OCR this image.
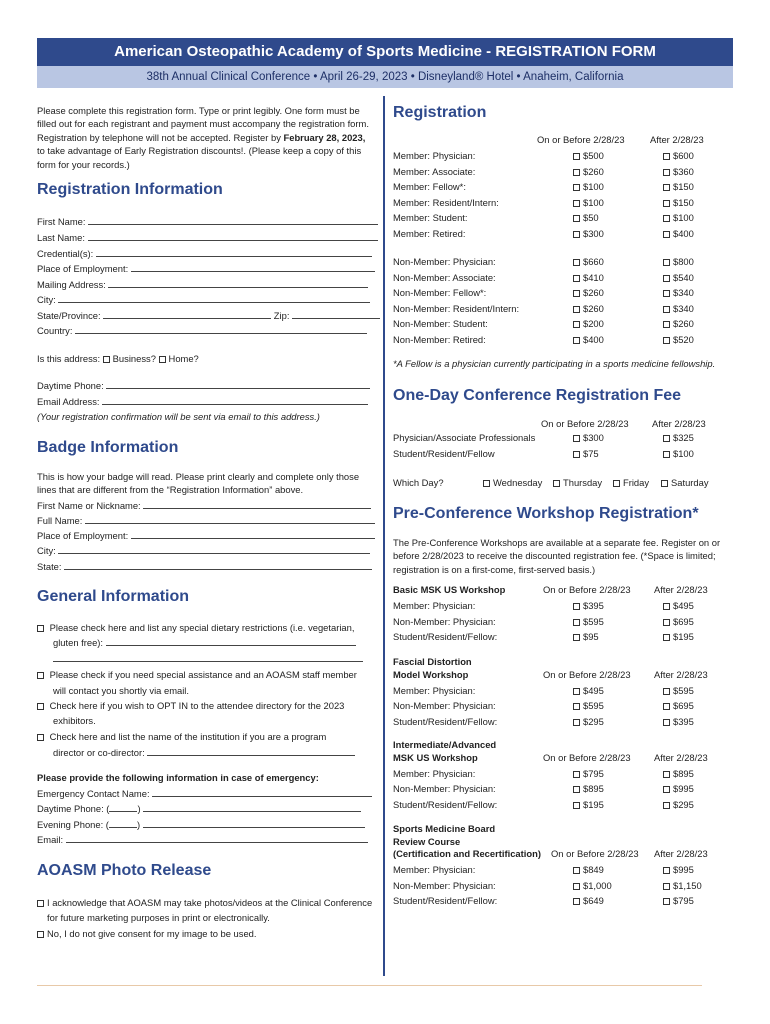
American Osteopathic Academy of Sports Medicine - REGISTRATION FORM
38th Annual Clinical Conference • April 26-29, 2023 • Disneyland® Hotel • Anaheim, California
Please complete this registration form. Type or print legibly. One form must be
filled out for each registrant and payment must accompany the registration form.
Registration by telephone will not be accepted. Register by February 28, 2023,
to take advantage of Early Registration discounts!. (Please keep a copy of this
form for your records.)
Registration Information
First Name:
Last Name:
Credential(s):
Place of Employment:
Mailing Address:
City:
State/Province:	Zip:
Country:
Is this address: Business? Home?
Daytime Phone:
Email Address:
(Your registration confirmation will be sent via email to this address.)
Badge Information
This is how your badge will read. Please print clearly and complete only those
lines that are different from the “Registration Information” above.
First Name or Nickname:
Full Name:
Place of Employment:
City:
State:
General Information
Please check here and list any special dietary restrictions (i.e. vegetarian,
gluten free):
Please check if you need special assistance and an AOASM staff member
will contact you shortly via email.
Check here if you wish to OPT IN to the attendee directory for the 2023
exhibitors.
Check here and list the name of the institution if you are a program
director or co-director:
Please provide the following information in case of emergency:
Emergency Contact Name:
Daytime Phone: (	)
Evening Phone: (	)
Email:
AOASM Photo Release
I acknowledge that AOASM may take photos/videos at the Clinical Conference
for future marketing purposes in print or electronically.
No, I do not give consent for my image to be used.
Registration
On or Before 2/28/23	After 2/28/23
Member: Physician:	$500	$600
Member: Associate:	$260	$360
Member: Fellow*:	$100	$150
Member: Resident/Intern:	$100	$150
Member: Student:	$50	$100
Member: Retired:	$300	$400
Non-Member: Physician:	$660	$800
Non-Member: Associate:	$410	$540
Non-Member: Fellow*:	$260	$340
Non-Member: Resident/Intern:	$260	$340
Non-Member: Student:	$200	$260
Non-Member: Retired:	$400	$520
*A Fellow is a physician currently participating in a sports medicine fellowship.
One-Day Conference Registration Fee
On or Before 2/28/23 After 2/28/23
Physician/Associate Professionals	$300	$325
Student/Resident/Fellow	$75	$100
Which Day?	Wednesday	Thursday	Friday	Saturday
Pre-Conference Workshop Registration*
The Pre-Conference Workshops are available at a separate fee. Register on or
before 2/28/2023 to receive the discounted registration fee. (*Space is limited;
registration is on a first-come, first-served basis.)
Basic MSK US Workshop	On or Before 2/28/23 After 2/28/23
Member: Physician:	$395	$495
Non-Member: Physician:	$595	$695
Student/Resident/Fellow:	$95	$195
Fascial Distortion
Model Workshop	On or Before 2/28/23 After 2/28/23
Member: Physician:	$495	$595
Non-Member: Physician:	$595	$695
Student/Resident/Fellow:	$295	$395
Intermediate/Advanced
MSK US Workshop	On or Before 2/28/23 After 2/28/23
Member: Physician:	$795	$895
Non-Member: Physician:	$895	$995
Student/Resident/Fellow:	$195	$295
Sports Medicine Board
Review Course
(Certification and Recertification) On or Before 2/28/23 After 2/28/23
Member: Physician:	$849	$995
Non-Member: Physician:	$1,000	$1,150
Student/Resident/Fellow:	$649	$795
